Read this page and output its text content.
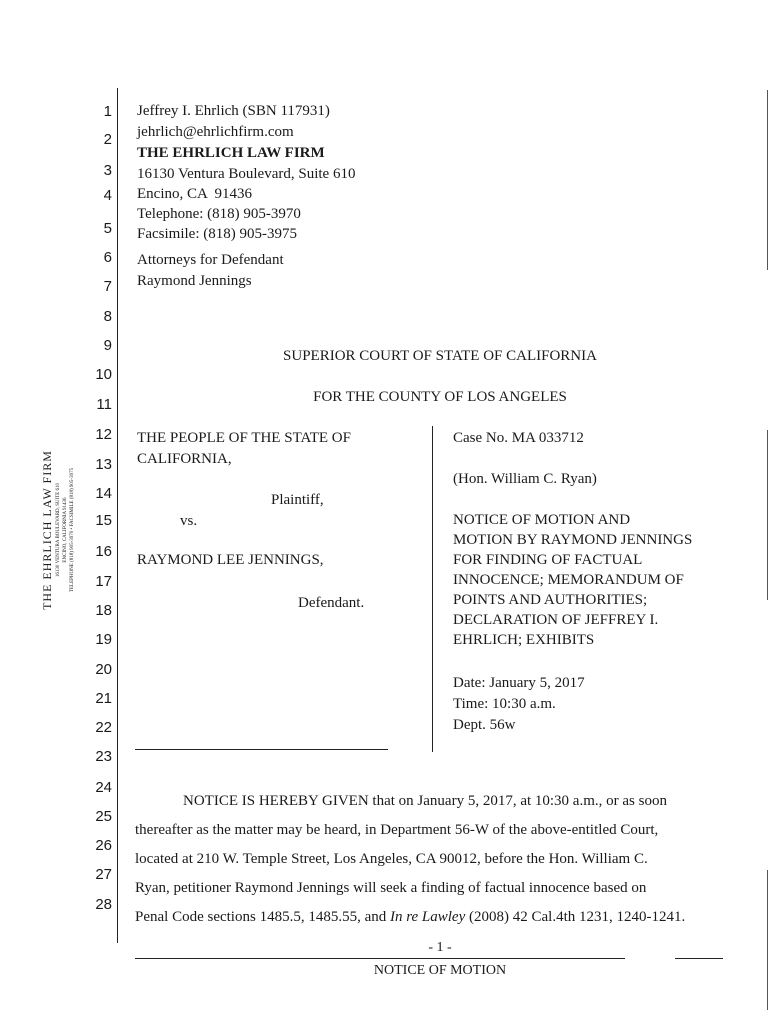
1
2
3
4
5
6
7
8
9
10
11
12
13
14
15
16
17
18
19
20
21
22
23
24
25
26
27
28
THE EHRLICH LAW FIRM 16130 VENTURA BOULEVARD, SUITE 610 ENCINO, CALIFORNIA 91436 TELEPHONE (818) 905-3970 • FACSIMILE (818) 905-3975
Jeffrey I. Ehrlich (SBN 117931)
jehrlich@ehrlichfirm.com
THE EHRLICH LAW FIRM
16130 Ventura Boulevard, Suite 610
Encino, CA  91436
Telephone: (818) 905-3970
Facsimile: (818) 905-3975
Attorneys for Defendant
Raymond Jennings
SUPERIOR COURT OF STATE OF CALIFORNIA
FOR THE COUNTY OF LOS ANGELES
THE PEOPLE OF THE STATE OF
CALIFORNIA,
Plaintiff,
vs.
RAYMOND LEE JENNINGS,
Defendant.
Case No. MA 033712
(Hon. William C. Ryan)
NOTICE OF MOTION AND
MOTION BY RAYMOND JENNINGS
FOR FINDING OF FACTUAL
INNOCENCE; MEMORANDUM OF
POINTS AND AUTHORITIES;
DECLARATION OF JEFFREY I.
EHRLICH; EXHIBITS
Date: January 5, 2017
Time: 10:30 a.m.
Dept. 56w
NOTICE IS HEREBY GIVEN that on January 5, 2017, at 10:30 a.m., or as soon
thereafter as the matter may be heard, in Department 56-W of the above-entitled Court,
located at 210 W. Temple Street, Los Angeles, CA 90012, before the Hon. William C.
Ryan, petitioner Raymond Jennings will seek a finding of factual innocence based on
Penal Code sections 1485.5, 1485.55, and In re Lawley (2008) 42 Cal.4th 1231, 1240-1241.
- 1 -
NOTICE OF MOTION
